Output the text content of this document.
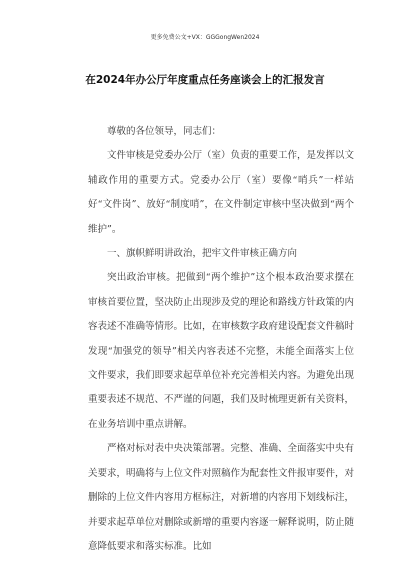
更多免费公文+VX：GGGongWen2024
在2024年办公厅年度重点任务座谈会上的汇报发言

尊敬的各位领导，同志们：

文件审核是党委办公厅（室）负责的重要工作，是发挥以文辅政作用的重要方式。党委办公厅（室）要像“哨兵”一样站好“文件岗”、放好“制度哨”，在文件制定审核中坚决做到“两个维护”。

一、旗帜鲜明讲政治，把牢文件审核正确方向

突出政治审核。把做到“两个维护”这个根本政治要求摆在审核首要位置，坚决防止出现涉及党的理论和路线方针政策的内容表述不准确等情形。比如，在审核数字政府建设配套文件稿时发现“加强党的领导”相关内容表述不完整，未能全面落实上位文件要求，我们即要求起草单位补充完善相关内容。为避免出现重要表述不规范、不严谨的问题，我们及时梳理更新有关资料，在业务培训中重点讲解。

严格对标对表中央决策部署。完整、准确、全面落实中央有关要求，明确将与上位文件对照稿作为配套性文件报审要件，对删除的上位文件内容用方框标注，对新增的内容用下划线标注，并要求起草单位对删除或新增的重要内容逐一解释说明，防止随意降低要求和落实标准。比如
